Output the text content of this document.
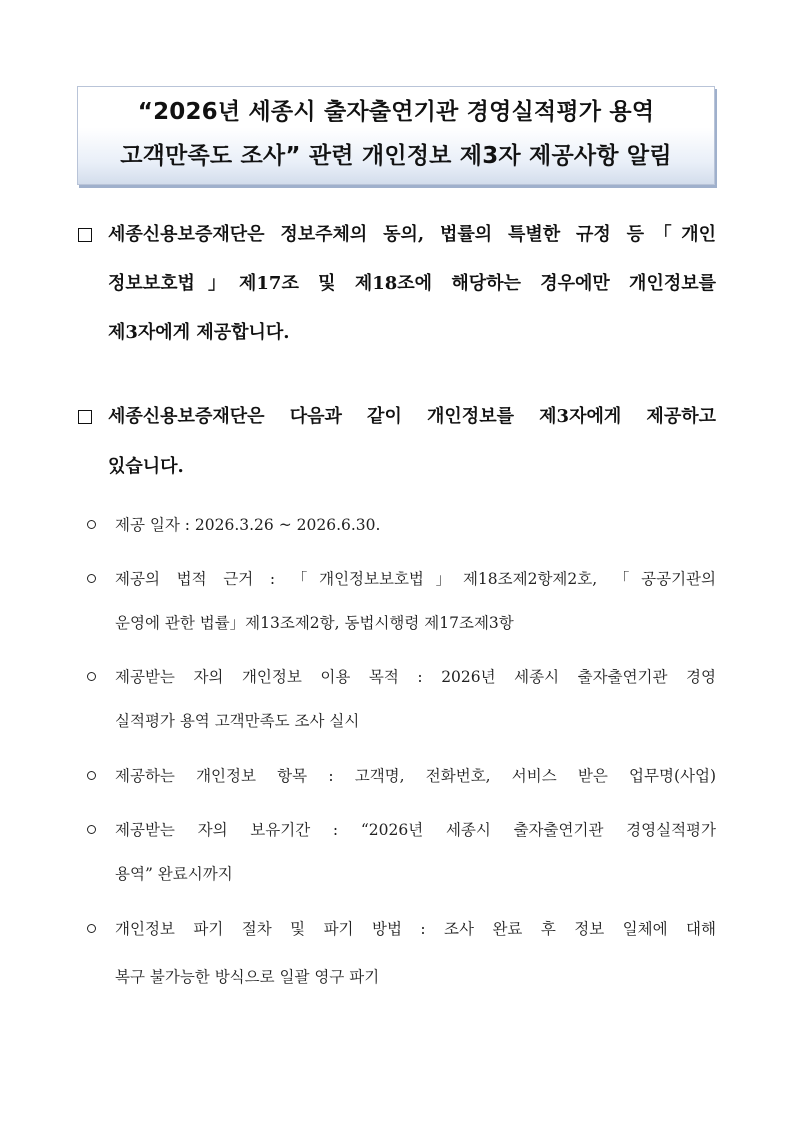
“2026년 세종시 출자출연기관 경영실적평가 용역
고객만족도 조사” 관련 개인정보 제3자 제공사항 알림
세종신용보증재단은 정보주체의 동의, 법률의 특별한 규정 등「개인
정보보호법」제17조 및 제18조에 해당하는 경우에만 개인정보를
제3자에게 제공합니다.
세종신용보증재단은 다음과 같이 개인정보를 제3자에게 제공하고
있습니다.
제공 일자 : 2026.3.26 ~ 2026.6.30.
제공의 법적 근거 : 「개인정보보호법」제18조제2항제2호, 「공공기관의
운영에 관한 법률」제13조제2항, 동법시행령 제17조제3항
제공받는 자의 개인정보 이용 목적 : 2026년 세종시 출자출연기관 경영
실적평가 용역 고객만족도 조사 실시
제공하는 개인정보 항목 : 고객명, 전화번호, 서비스 받은 업무명(사업)
제공받는 자의 보유기간 : “2026년 세종시 출자출연기관 경영실적평가
용역” 완료시까지
개인정보 파기 절차 및 파기 방법 : 조사 완료 후 정보 일체에 대해
복구 불가능한 방식으로 일괄 영구 파기
